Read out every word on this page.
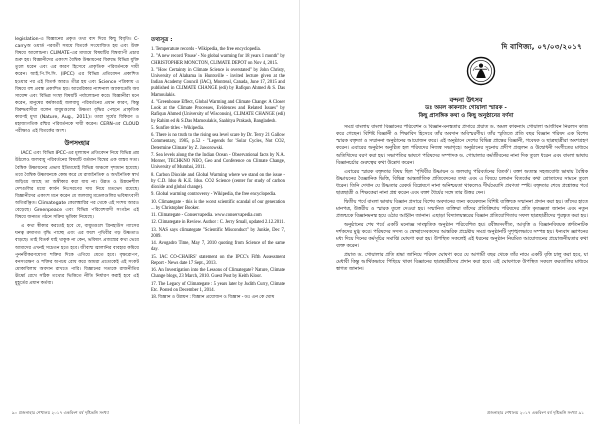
legislation-এ বিজ্ঞানের প্রকৃত তথ্য বাদ দিয়ে কিছু বিবৃতি। C-carryঅ ওয়ার্ড পরবর্তী সময়ে বিতর্কে সংযোজিত হয় এবং উক্ত বিষয়ে আলোচনা। CLIMATE-এর মাধ্যমে বিষয়টির বিশ্বব্যাপী প্রচার শুরু হয়। বিজ্ঞানীদের একাংশ বৈশ্বিক উষ্ণায়নের বিরুদ্ধে বিভিন্ন যুক্তি তুলে ধরেন এবং এর কারণ হিসেবে প্রাকৃতিক পরিবর্তনকে দায়ী করেন। আই.পি.সি.সি. (IPCC) এর বিভিন্ন প্রতিবেদন প্রকাশিত হওয়ার পর এই বিতর্ক আরও তীব্র হয় এবং Science পত্রিকায় এ বিষয়ে বহু প্রবন্ধ প্রকাশিত হয়। আমেরিকার ন্যাশনাল অ্যাকাডেমি অব সায়েন্স এবং বিভিন্ন সংস্থা বিষয়টি পর্যালোচনা করে। বিজ্ঞানীরা মনে করেন, মানুষের কর্মকাণ্ডই জলবায়ু পরিবর্তনের প্রধান কারণ, কিন্তু বিরুদ্ধবাদীরা বলেন বায়ুমণ্ডলের উষ্ণতা বৃদ্ধির পেছনে প্রাকৃতিক কারণই মুখ্য (Nature, Aug., 2011)। তারা সূর্যের বিকিরণ ও মহাজাগতিক রশ্মির পরিবর্তনকে দায়ী করেন। CERN-এর CLOUD পরীক্ষাও এই বিতর্কের অংশ।

উপসংহার

IACC এবং বিভিন্ন IPCC-এর মূল্যায়ন প্রতিবেদন নিয়ে বিভিন্ন প্রশ্ন উঠলেও জলবায়ু পরিবর্তনের বিষয়টি বর্তমান বিশ্বের এক বাস্তব সত্য। বৈশ্বিক উষ্ণায়নের প্রভাব ইতিমধ্যেই বিভিন্ন অঞ্চলে দৃশ্যমান হয়েছে। তবে বৈশ্বিক উষ্ণায়নকে কেন্দ্র করে যে রাজনৈতিক ও অর্থনৈতিক স্বার্থ জড়িয়ে আছে তা অস্বীকার করা যায় না। উন্নত ও উন্নয়নশীল দেশগুলির মধ্যে কার্বন নিঃসরণের দায় নিয়ে মতভেদ রয়েছে। বিজ্ঞানীদের একাংশ মনে করেন যে জলবায়ু মডেলগুলির ভবিষ্যৎবাণী অতিরঞ্জিত। Climategate কেলেঙ্কারির পর থেকে এই সংশয় আরও বেড়েছে। Greenpeace এবং বিভিন্ন পরিবেশবাদী সংগঠন এই বিষয়ে জনমত গঠনে সক্রিয় ভূমিকা নিয়েছে।

এ কথা স্বীকার করতেই হবে যে, বায়ুমণ্ডলে গ্রিনহাউস গ্যাসের ঘনত্ব ক্রমাগত বৃদ্ধি পাচ্ছে এবং এর ফলে পৃথিবীর গড় উষ্ণতাও বাড়ছে। তাই বিতর্ক যাই থাকুক না কেন, ভবিষ্যৎ প্রজন্মের কথা ভেবে আমাদের এখনই সচেতন হতে হবে। জীবাশ্ম জ্বালানির ব্যবহার কমিয়ে পুনর্নবীকরণযোগ্য শক্তির দিকে এগিয়ে যেতে হবে। বৃক্ষরোপণ, বনসংরক্ষণ ও শক্তির অপচয় রোধ করে আমরা প্রত্যেকেই এই সংকট মোকাবিলায় অবদান রাখতে পারি। বিজ্ঞানের সত্যকে রাজনীতির ঊর্ধ্বে রেখে সঠিক তথ্যের ভিত্তিতে নীতি নির্ধারণ করাই হবে এই মুহূর্তের প্রধান কর্তব্য।

তথ্যসূত্র :
1. Temperature records - Wikipedia, the free encyclopedia.
2. "A new record 'Pause' - No global warming for 18 years 1 month" by CHRISTOPHER MONCTON, CLIMATE DEPOT on Nov 4, 2015.
3. "How Certainty in Climate Science is overstated" by John Christy, University of Alabama in Huntsville - invited lecture given at the Indian Academy Council (IAC), Montreal, Canada, June 17, 2015 and published in CLIMATE CHANGE (edi) by Rafiqun Ahmed & S. Das Mamoulakis.
4. "Greenhouse Effect, Global Warming and Climate Change: A Closer Look at the Climate Processes, Evidences and Related Issues" by Rafiqun Ahmed (University of Wisconsin), CLIMATE CHANGE (edi) by Rahim ed & S.Das Mamoulakis, Saahitya Prakash, Bangladesh.
5. Sunfire titles - Wikipedia.
6. There is no truth to the rising sea level scare by Dr. Terry 21 Gallow Commentary, 1985, p.52 - "Legends for 'Solar Cycles, Not CO2, Determine Climate' by Z. Jaworowski.
7. Sea levels along the the Indian Ocean - Observational facts by N.A. Morner, TECHKNO NEO, Geo and Conference on Climate Change, University of Mumbai, 2011.
8. Carbon Dioxide and Global Warming where we stand on the issue - by C.D. Idso & K.E. Idso. CO2 Science (center for study of carbon dioxide and global change).
9. Global warming controversy - Wikipedia, the free encyclopedia.
10. Climategate - this is the worst scientific scandal of our generation ... by Christopher Booker.
11. Climategate - Conservapedia. www.conservapedia.com
12. Climategate in Review. Author : C. Jerry Small, updated 2.12.2011.
13. NAS says climategate "Scientific Misconduct" by Junkie, Dec 7, 2009.
14. Avogadro Time, May 7, 2010 quoting from Science of the same day.
15. IAC CO-CHAIRS' statement on the IPCC's Fifth Assessment Report - News date 17 Sept., 2013.
16. An Investigation into the Lessons of Climategate? Nature, Climate Change blogs, 23 March, 2010. Guest Post by Keith Kloor.
17. The Legacy of Climategate : 5 years later by Judith Curry, Climate Etc. Posted on December 1, 2014.
18. বিজ্ঞান ও উন্নয়ন : বিজ্ঞান প্রয়োজন ও বিজ্ঞান - ডঃ এন কে ঘোষ
৯০ প্রজনাহার শেখালয় ২০১৭ একবিংশ বর্ষ দৃষ্টিভঙ্গি সংখ্যা
দি বাণিজ্য, ০৭/০৩/২০১৭
বন্দনা উৎসব
ডঃ অমল কাকন্যাং গোয়ালা স্মারক -
কিছু প্রাসঙ্গিক কথা ও কিছু অনুষ্ঠানের বর্ণনা

সমগ্র বাংলায় বাংলা বিজ্ঞানের পরিবেশন ও বিজ্ঞান-মনস্কতার প্রসারে প্রয়াত ড. অমল কাকন্যাং গোয়ালা আজীবন নিরলস কাজ করে গেছেন। বিশিষ্ট বিজ্ঞানী ও শিক্ষাবিদ হিসেবে তাঁর অবদান অবিস্মরণীয়। তাঁর স্মৃতিতে প্রতি বছর বিজ্ঞান পরিষদ এক বিশেষ স্মারক বক্তৃতা ও সম্মাননা অনুষ্ঠানের আয়োজন করে। এই অনুষ্ঠানে দেশের বিভিন্ন প্রান্তের বিজ্ঞানী, গবেষক ও ছাত্রছাত্রীরা অংশগ্রহণ করেন। এবারের অনুষ্ঠান অনুষ্ঠিত হল পরিষদের নিজস্ব সভাগৃহে। অনুষ্ঠানের সূচনায় প্রদীপ প্রজ্বলন ও উদ্বোধনী সংগীতের মাধ্যমে অতিথিদের বরণ করা হয়। সভাপতির ভাষণে পরিষদের সম্পাদক ড. গোয়ালার কর্মজীবনের নানা দিক তুলে ধরেন এবং বাংলা ভাষায় বিজ্ঞানচর্চার গুরুত্বের কথা উল্লেখ করেন।

এবারের স্মারক বক্তৃতার বিষয় ছিল 'পৃথিবীর উষ্ণায়ন ও জলবায়ু পরিবর্তনের বিতর্ক'। বক্তা অত্যন্ত সহজবোধ্য ভাষায় বৈশ্বিক উষ্ণায়নের বৈজ্ঞানিক ভিত্তি, বিভিন্ন আন্তর্জাতিক প্রতিবেদনের তথ্য এবং এ বিষয়ে চলমান বিতর্কের কথা শ্রোতাদের সামনে তুলে ধরেন। তিনি দেখান যে উষ্ণতার রেকর্ড বিশ্লেষণে নানা অনিশ্চয়তা থাকলেও দীর্ঘমেয়াদি প্রবণতা স্পষ্ট। বক্তৃতার শেষে প্রশ্নোত্তর পর্বে ছাত্রছাত্রী ও শিক্ষকেরা নানা প্রশ্ন করেন এবং বক্তা ধৈর্যের সঙ্গে তার উত্তর দেন।

দ্বিতীয় পর্বে বাংলা ভাষায় বিজ্ঞান প্রসারে বিশেষ অবদানের জন্য কয়েকজন বিশিষ্ট ব্যক্তিকে সম্মাননা প্রদান করা হয়। তাঁদের হাতে মানপত্র, উত্তরীয় ও স্মারক তুলে দেওয়া হয়। সম্মানিত ব্যক্তিরা তাঁদের প্রতিক্রিয়ায় পরিষদের প্রতি কৃতজ্ঞতা জানান এবং নতুন প্রজন্মকে বিজ্ঞানমনস্ক হয়ে ওঠার আহ্বান জানান। এছাড়া বিদ্যালয়স্তরের বিজ্ঞান প্রতিযোগিতায় সফল ছাত্রছাত্রীদের পুরস্কৃত করা হয়।

অনুষ্ঠানের শেষ পর্বে একটি মনোজ্ঞ সাংস্কৃতিক অনুষ্ঠান পরিবেশিত হয়। রবীন্দ্রসংগীত, আবৃত্তি ও বিজ্ঞানবিষয়ক শ্রুতিনাটক দর্শকদের মুগ্ধ করে। পরিষদের সদস্য ও স্বেচ্ছাসেবকদের আন্তরিক প্রচেষ্টায় সমগ্র অনুষ্ঠানটি সুশৃঙ্খলভাবে সম্পন্ন হয়। ধন্যবাদ জ্ঞাপনের মধ্য দিয়ে দিনের কর্মসূচির সমাপ্তি ঘোষণা করা হয়। উপস্থিত সকলেই এই ধরনের অনুষ্ঠান নিয়মিত আয়োজনের প্রয়োজনীয়তার কথা ব্যক্ত করেন।

প্রয়াত ড. গোয়ালার প্রতি শ্রদ্ধা জানিয়ে পরিষদ ঘোষণা করে যে আগামী বছর থেকে তাঁর নামে একটি বৃত্তি চালু করা হবে, যা মেধাবী কিন্তু আর্থিকভাবে পিছিয়ে থাকা বিজ্ঞানের ছাত্রছাত্রীদের প্রদান করা হবে। এই ঘোষণাকে উপস্থিত সকলে করতালির মাধ্যমে স্বাগত জানান।

প্রজনাহার শেখালয় ২০১৭ একবিংশ বর্ষ দৃষ্টিভঙ্গি সংখ্যা ৯১
